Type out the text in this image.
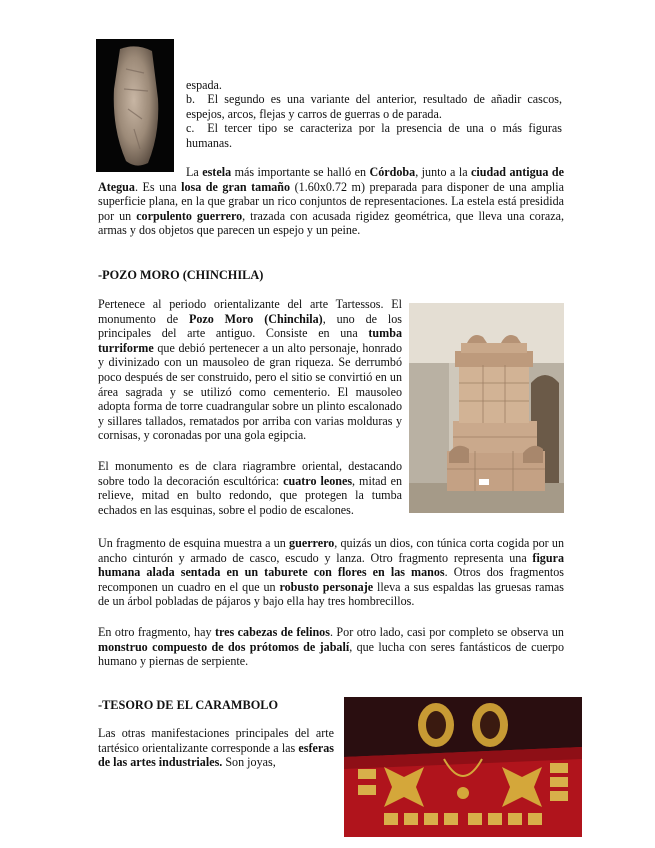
espada.

b.  El segundo es una variante del anterior, resultado de añadir cascos, espejos, arcos, flejas y carros de guerras o de parada.

c.  El tercer tipo se caracteriza por la presencia de una o más figuras humanas.

La estela más importante se halló en Córdoba, junto a la ciudad antigua de Ategua. Es una losa de gran tamaño (1.60x0.72 m) preparada para disponer de una amplia superficie plana, en la que grabar un rico conjuntos de representaciones. La estela está presidida por un corpulento guerrero, trazada con acusada rigidez geométrica, que lleva una coraza, armas y dos objetos que parecen un espejo y un peine.

-POZO MORO (CHINCHILA)

Pertenece al periodo orientalizante del arte Tartessos. El monumento de Pozo Moro (Chinchila), uno de los principales del arte antiguo. Consiste en una tumba turriforme que debió pertenecer a un alto personaje, honrado y divinizado con un mausoleo de gran riqueza. Se derrumbó poco después de ser construido, pero el sitio se convirtió en un área sagrada y se utilizó como cementerio. El mausoleo adopta forma de torre cuadrangular sobre un plinto escalonado y sillares tallados, rematados por arriba con varias molduras y cornisas, y coronadas por una gola egipcia.

El monumento es de clara riagrambre oriental, destacando sobre todo la decoración escultórica: cuatro leones, mitad en relieve, mitad en bulto redondo, que protegen la tumba echados en las esquinas, sobre el podio de escalones.

Un fragmento de esquina muestra a un guerrero, quizás un dios, con túnica corta cogida por un ancho cinturón y armado de casco, escudo y lanza. Otro fragmento representa una figura humana alada sentada en un taburete con flores en las manos. Otros dos fragmentos recomponen un cuadro en el que un robusto personaje lleva a sus espaldas las gruesas ramas de un árbol pobladas de pájaros y bajo ella hay tres hombrecillos.

En otro fragmento, hay tres cabezas de felinos. Por otro lado, casi por completo se observa un monstruo compuesto de dos prótomos de jabalí, que lucha con seres fantásticos de cuerpo humano y piernas de serpiente.

-TESORO DE EL CARAMBOLO

Las otras manifestaciones principales del arte tartésico orientalizante corresponde a las esferas de las artes industriales. Son joyas,
